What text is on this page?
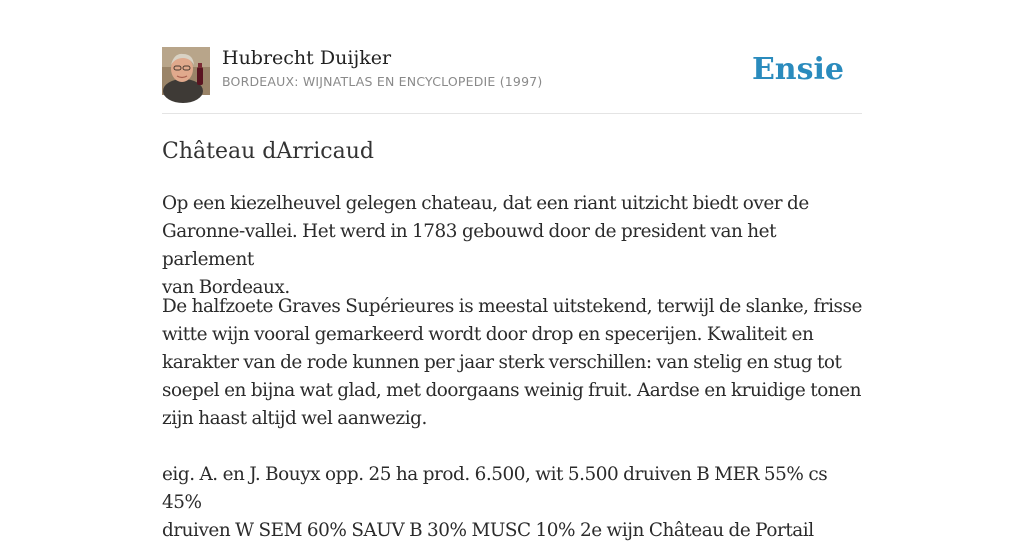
Hubrecht Duijker
BORDEAUX: WIJNATLAS EN ENCYCLOPEDIE (1997)	Ensie
Château dArricaud

Op een kiezelheuvel gelegen chateau, dat een riant uitzicht biedt over de
Garonne-vallei. Het werd in 1783 gebouwd door de president van het parlement
van Bordeaux.

De halfzoete Graves Supérieures is meestal uitstekend, terwijl de slanke, frisse
witte wijn vooral gemarkeerd wordt door drop en specerijen. Kwaliteit en
karakter van de rode kunnen per jaar sterk verschillen: van stelig en stug tot
soepel en bijna wat glad, met doorgaans weinig fruit. Aardse en kruidige tonen
zijn haast altijd wel aanwezig.

eig. A. en J. Bouyx opp. 25 ha prod. 6.500, wit 5.500 druiven B MER 55% cs 45%
druiven W SEM 60% SAUV B 30% MUSC 10% 2e wijn Château de Portail
